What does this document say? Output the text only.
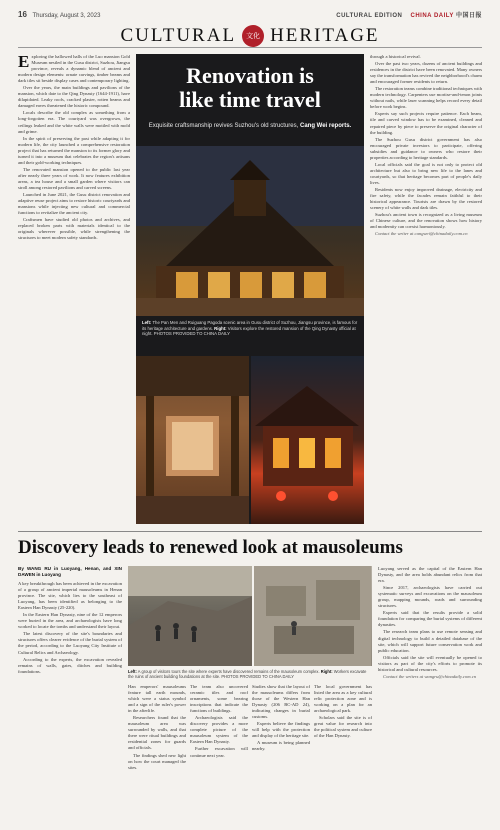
16 Thursday, August 3, 2023	CULTURAL EDITION CHINA DAILY 中国日报
CULTURAL	文化 HERITAGE

Exploring the hallowed halls of the Luo mansion Gold Museum nestled in the Gusu district, Suzhou, Jiangsu province, reveals a dynamic blend of ancient and modern design elements: ornate carvings, timber beams and dark tiles sit beside display cases and contemporary lighting.

Over the years, the main buildings and pavilions of the mansion, which date to the Qing Dynasty (1644-1911), have dilapidated. Leaky roofs, cracked plaster, rotten beams and damaged eaves threatened the historic compound.

Locals describe the old complex as something from a long-forgotten era. The courtyard was overgrown, the ceilings leaked and the white walls were mottled with mold and grime.

In the spirit of preserving the past while adapting it for modern life, the city launched a comprehensive restoration project that has returned the mansion to its former glory and turned it into a museum that celebrates the region's artisans and their gold-working techniques.

The renovated mansion opened to the public last year after nearly three years of work. It now features exhibition areas, a tea house and a small garden where visitors can stroll among restored pavilions and carved screens.

Launched in June 2021, the Gusu district renovation and adaptive reuse project aims to restore historic courtyards and mansions while injecting new cultural and commercial functions to revitalize the ancient city.

Craftsmen have studied old photos and archives, and replaced broken parts with materials identical to the originals wherever possible, while strengthening the structures to meet modern safety standards.

Renovation is
like time travel
Exquisite craftsmanship revives Suzhou's old structures, Cang Wei reports.
Left: The Pan Men and Ruiguang Pagoda scenic area in Gusu district of Suzhou, Jiangsu province, is famous for its heritage architecture and gardens. Right: Visitors explore the restored mansion of the Qing Dynasty official at night. PHOTOS PROVIDED TO CHINA DAILY

through a historical revival.

Over the past two years, dozens of ancient buildings and residences in the district have been renovated. Many owners say the transformation has revived the neighborhood's charm and encouraged former residents to return.

The restoration teams combine traditional techniques with modern technology. Carpenters use mortise-and-tenon joints without nails, while laser scanning helps record every detail before work begins.

Experts say such projects require patience. Each beam, tile and carved window has to be examined, cleaned and repaired piece by piece to preserve the original character of the building.

The Suzhou Gusu district government has also encouraged private investors to participate, offering subsidies and guidance to owners who restore their properties according to heritage standards.

Local officials said the goal is not only to protect old architecture but also to bring new life to the lanes and courtyards, so that heritage becomes part of people's daily lives.

Residents now enjoy improved drainage, electricity and fire safety, while the facades remain faithful to their historical appearance. Tourists are drawn by the restored scenery of white walls and dark tiles.

Suzhou's ancient town is recognized as a living museum of Chinese culture, and the renovation shows how history and modernity can coexist harmoniously.

Contact the writer at cangwei@chinadaily.com.cn

Discovery leads to renewed look at mausoleums
By WANG RU in Luoyang, Henan, and XIN DAWEN in Luoyang

A key breakthrough has been achieved in the excavation of a group of ancient imperial mausoleums in Henan province. The site, which lies to the southeast of Luoyang, has been identified as belonging to the Eastern Han Dynasty (25-220).

In the Eastern Han Dynasty, nine of the 12 emperors were buried in the area, and archaeologists have long worked to locate the tombs and understand their layout.

The latest discovery of the site's boundaries and structures offers clearer evidence of the burial system of the period, according to the Luoyang City Institute of Cultural Relics and Archaeology.

According to the experts, the excavation revealed remains of walls, gates, ditches and building foundations.	Left: A group of visitors tours the site where experts have discovered remains of the mausoleum complex. Right: Workers excavate the ruins of ancient building foundations at the site. PHOTOS PROVIDED TO CHINA DAILY

Han emperors' mausoleums feature tall earth mounds, which were a status symbol and a sign of the ruler's power in the afterlife.

Researchers found that the mausoleum area was surrounded by walls, and that there were ritual buildings and residential zones for guards and officials.

The findings shed new light on how the court managed the sites.

The team also uncovered ceramic tiles and roof ornaments, some bearing inscriptions that indicate the functions of buildings.

Archaeologists said the discovery provides a more complete picture of the mausoleum system of the Eastern Han Dynasty.

Further excavation will continue next year.

Studies show that the layout of the mausoleums differs from those of the Western Han Dynasty (206 BC-AD 24), indicating changes in burial customs.

Experts believe the findings will help with the protection and display of the heritage site.

A museum is being planned nearby.

The local government has listed the area as a key cultural relic protection zone and is working on a plan for an archaeological park.

Scholars said the site is of great value for research into the political system and culture of the Han Dynasty.

Luoyang served as the capital of the Eastern Han Dynasty, and the area holds abundant relics from that era.

Since 2017, archaeologists have carried out systematic surveys and excavations on the mausoleum group, mapping mounds, roads and surrounding structures.

Experts said that the results provide a solid foundation for comparing the burial systems of different dynasties.

The research team plans to use remote sensing and digital technology to build a detailed database of the site, which will support future conservation work and public education.

Officials said the site will eventually be opened to visitors as part of the city's efforts to promote its historical and cultural resources.

Contact the writers at wangru@chinadaily.com.cn
